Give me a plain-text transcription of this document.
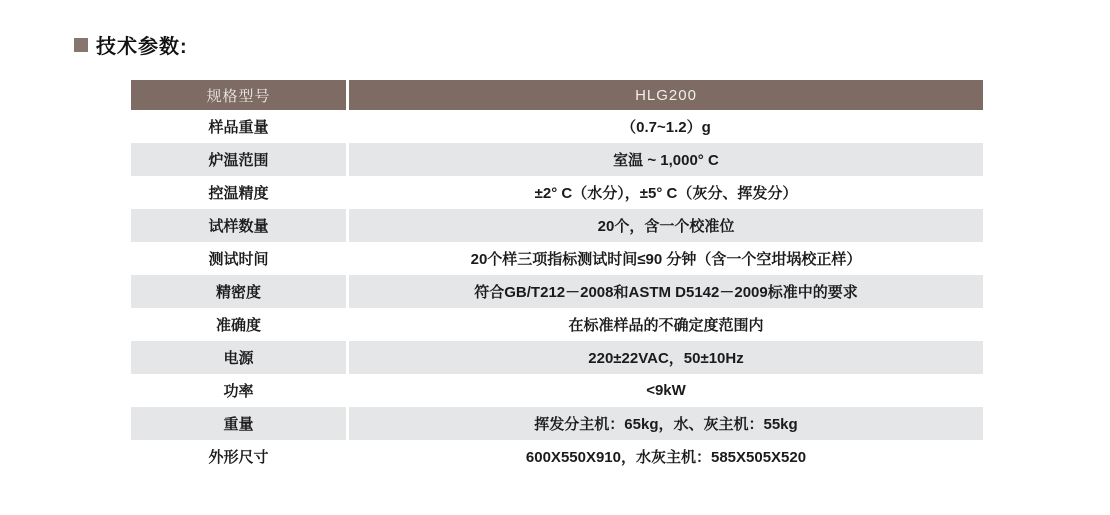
技术参数:
规格型号	HLG200
样品重量	（0.7~1.2）g
炉温范围	室温 ~ 1,000° C
控温精度	±2° C（水分），±5° C（灰分、挥发分）
试样数量	20个，含一个校准位
测试时间	20个样三项指标测试时间≤90 分钟（含一个空坩埚校正样）
精密度	符合GB/T212－2008和ASTM D5142－2009标准中的要求
准确度	在标准样品的不确定度范围内
电源	220±22VAC，50±10Hz
功率	<9kW
重量	挥发分主机：65kg，水、灰主机：55kg
外形尺寸	600X550X910，水灰主机：585X505X520
